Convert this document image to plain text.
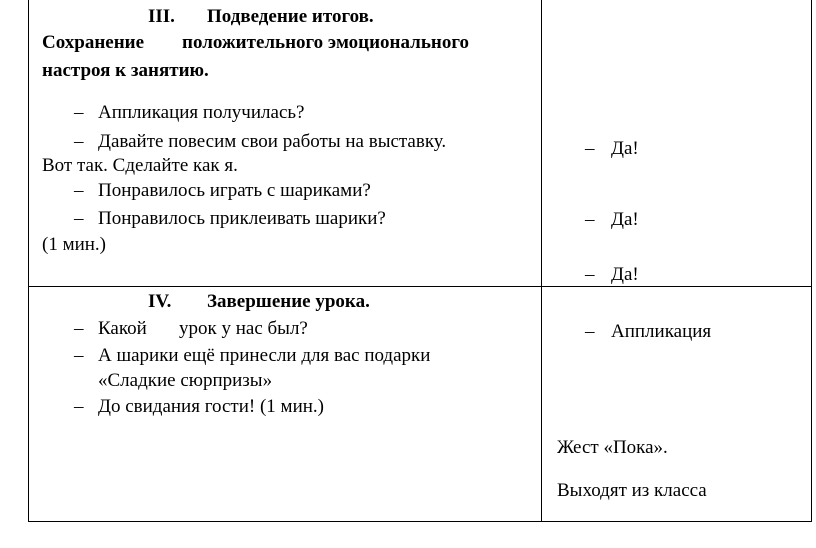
III. Подведение итогов.
Сохранение положительного эмоционального
настроя к занятию.
– Аппликация получилась?
– Давайте повесим свои работы на выставку.
Вот так. Сделайте как я.
– Понравилось играть с шариками?
– Понравилось приклеивать шарики?
(1 мин.)
– Да!
– Да!
– Да!
IV. Завершение урока.
– Какой урок у нас был?
– А шарики ещё принесли для вас подарки
«Сладкие сюрпризы»
– До свидания гости! (1 мин.)
– Аппликация
Жест «Пока».
Выходят из класса
